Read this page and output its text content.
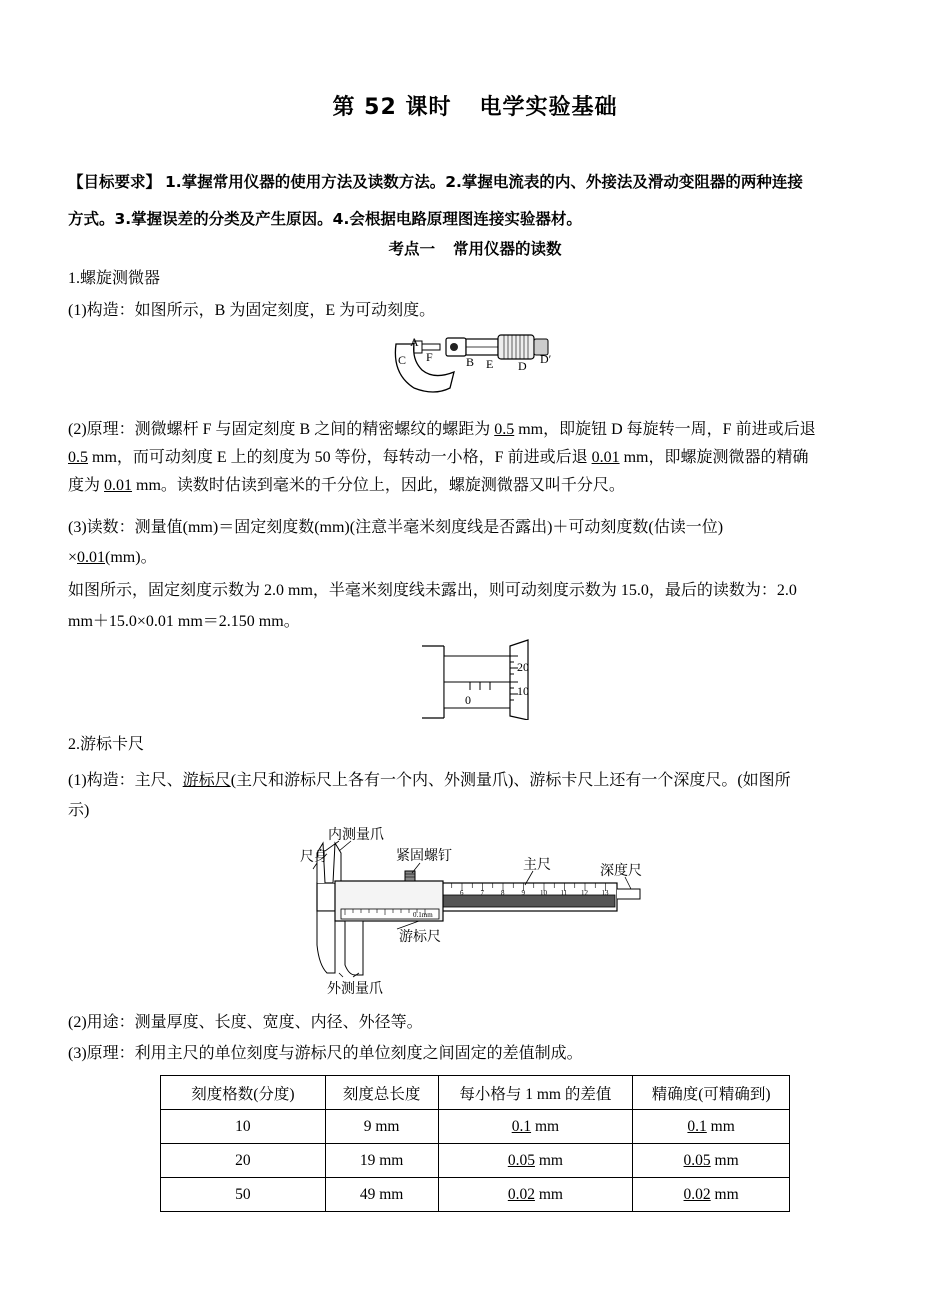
第 52 课时 电学实验基础
【目标要求】 1.掌握常用仪器的使用方法及读数方法。2.掌握电流表的内、外接法及滑动变阻器的两种连接
方式。3.掌握误差的分类及产生原因。4.会根据电路原理图连接实验器材。
考点一 常用仪器的读数
1.螺旋测微器
(1)构造：如图所示，B 为固定刻度，E 为可动刻度。
A
C F	B E D D′
(2)原理：测微螺杆 F 与固定刻度 B 之间的精密螺纹的螺距为 0.5 mm，即旋钮 D 每旋转一周，F 前进或后退
0.5 mm，而可动刻度 E 上的刻度为 50 等份，每转动一小格，F 前进或后退 0.01 mm，即螺旋测微器的精确
度为 0.01 mm。读数时估读到毫米的千分位上，因此，螺旋测微器又叫千分尺。
(3)读数：测量值(mm)＝固定刻度数(mm)(注意半毫米刻度线是否露出)＋可动刻度数(估读一位)
×0.01(mm)。
如图所示，固定刻度示数为 2.0 mm，半毫米刻度线未露出，则可动刻度示数为 15.0，最后的读数为：2.0
mm＋15.0×0.01 mm＝2.150 mm。
20
10
0
2.游标卡尺
(1)构造：主尺、游标尺(主尺和游标尺上各有一个内、外测量爪)、游标卡尺上还有一个深度尺。(如图所
示)
6 7 8 9 10 11 12 13
内测量爪
尺身	紧固螺钉
主尺	深度尺
游标尺
外测量爪
0.1mm
(2)用途：测量厚度、长度、宽度、内径、外径等。
(3)原理：利用主尺的单位刻度与游标尺的单位刻度之间固定的差值制成。
刻度格数(分度)	刻度总长度	每小格与 1 mm 的差值	精确度(可精确到)
10	9 mm	0.1 mm	0.1 mm
20	19 mm	0.05 mm	0.05 mm
50	49 mm	0.02 mm	0.02 mm
